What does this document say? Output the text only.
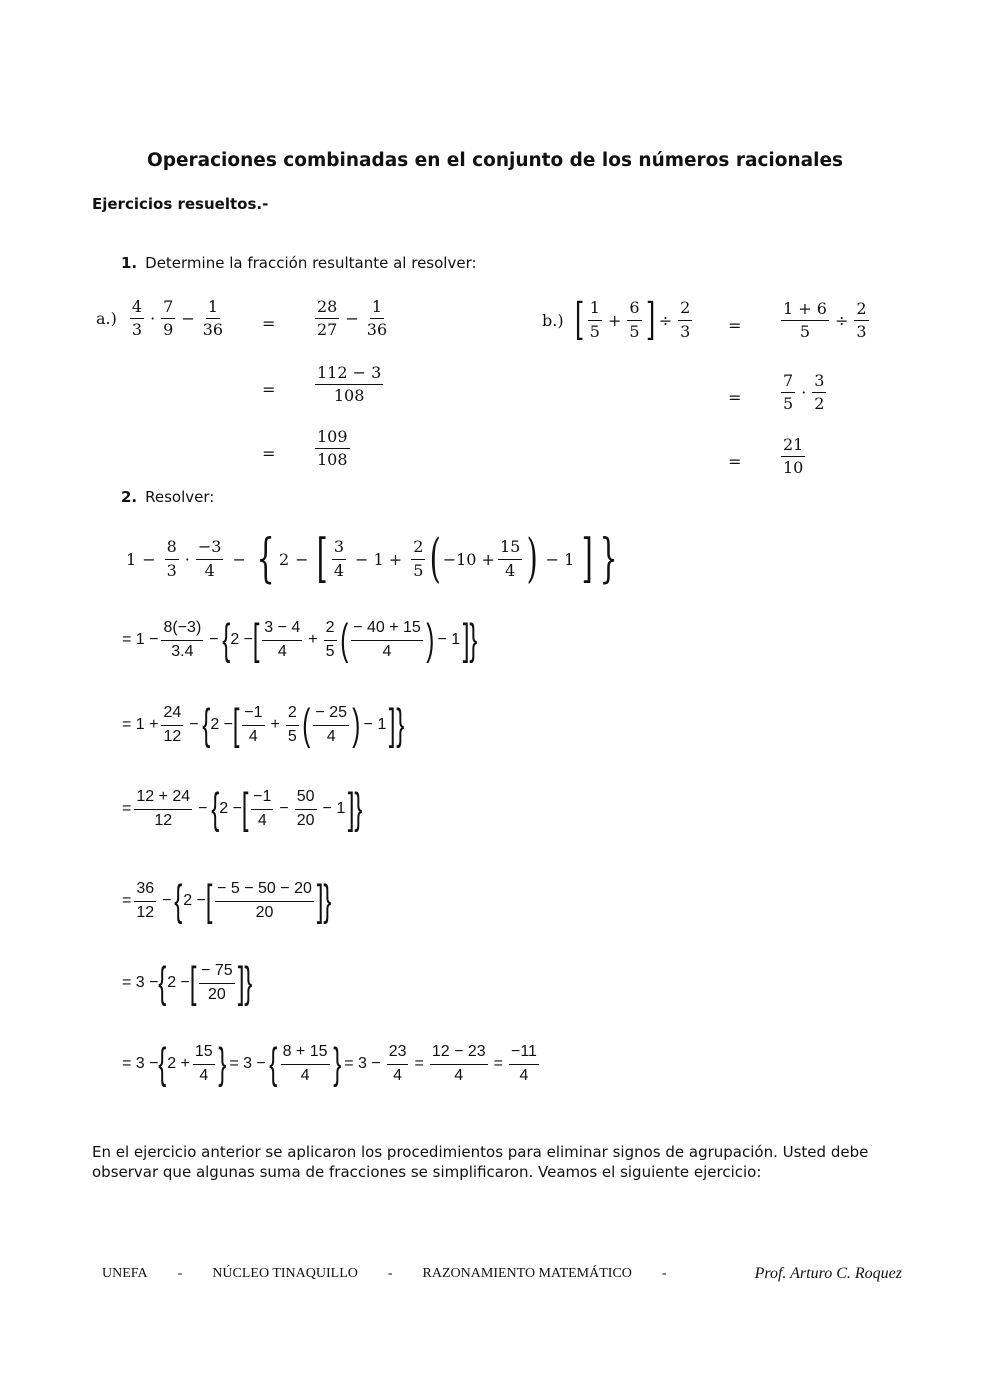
Operaciones combinadas en el conjunto de los números racionales
Ejercicios resueltos.-
1. Determine la fracción resultante al resolver:
$a.) \frac{4}{3} \cdot \frac{7}{9} - \frac{1}{36} = \frac{28}{27} - \frac{1}{36}$
= $\frac{112 - 3}{108}$
= $\frac{109}{108}$
b.) [ $\frac{1}{5} + \frac{6}{5}$ ] ÷ $\frac{2}{3} = \frac{1 + 6}{5} \div \frac{2}{3}$
= $\frac{7}{5} \cdot \frac{3}{2}$
= $\frac{21}{10}$
2. Resolver:
$1 - \frac{8}{3} \cdot \frac{-3}{4}$ − { 2 − [ $\frac{3}{4} - 1 + \frac{2}{5}$ ( $-10 + \frac{15}{4}$ ) − 1 ] }
= $1 - \frac{8(-3)}{3.4}$ − { 2 − [ $\frac{3 - 4}{4} + \frac{2}{5}$ ( $\frac{- 40 + 15}{4}$ ) − 1 ] }
= $1 + \frac{24}{12}$ − { 2 − [ $\frac{-1}{4} + \frac{2}{5}$ ( $\frac{- 25}{4}$ ) − 1 ] }
= $\frac{12 + 24}{12}$ − { 2 − [ $\frac{-1}{4} - \frac{50}{20} - 1$ ] }
= $\frac{36}{12}$ − { 2 − [ $\frac{- 5 - 50 - 20}{20}$ ] }
= 3 − { 2 − [ $\frac{- 75}{20}$ ] }
= 3 − { $2 + \frac{15}{4}$ } = 3 − { $\frac{8 + 15}{4}$ } = $3 - \frac{23}{4} = \frac{12 - 23}{4} = \frac{-11}{4}$
En el ejercicio anterior se aplicaron los procedimientos para eliminar signos de agrupación. Usted debe observar que algunas suma de fracciones se simplificaron. Veamos el siguiente ejercicio:
UNEFA - NÚCLEO TINAQUILLO - RAZONAMIENTO MATEMÁTICO -	Prof. Arturo C. Roquez
